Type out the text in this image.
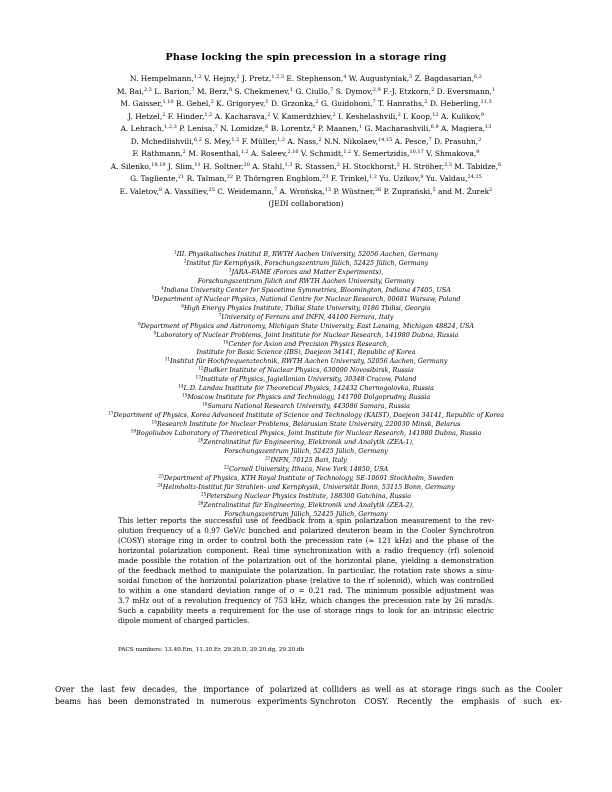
Phase locking the spin precession in a storage ring
N. Hempelmann,$^{1,2}$ V. Hejny,$^2$ J. Pretz,$^{1,2,3}$ E. Stephenson,$^4$ W. Augustyniak,$^5$ Z. Bagdasarian,$^{6,2}$
M. Bai,$^{2,3}$ L. Barion,$^7$ M. Berz,$^8$ S. Chekmenev,$^1$ G. Ciullo,$^7$ S. Dymov,$^{2,9}$ F.-J. Etzkorn,$^2$ D. Eversmann,$^1$
M. Gaisser,$^{1,10}$ R. Gebel,$^2$ K. Grigoryev,$^1$ D. Grzonka,$^2$ G. Guidoboni,$^7$ T. Hanraths,$^2$ D. Heberling,$^{11,3}$
J. Hetzel,$^2$ F. Hinder,$^{1,2}$ A. Kacharava,$^2$ V. Kamerdzhiev,$^2$ I. Keshelashvili,$^2$ I. Koop,$^{12}$ A. Kulikov,$^9$
A. Lehrach,$^{1,2,3}$ P. Lenisa,$^7$ N. Lomidze,$^6$ B. Lorentz,$^2$ P. Maanen,$^1$ G. Macharashvili,$^{6,9}$ A. Magiera,$^{13}$
D. Mchedlishvili,$^{6,2}$ S. Mey,$^{1,2}$ F. Müller,$^{1,2}$ A. Nass,$^2$ N.N. Nikolaev,$^{14,15}$ A. Pesce,$^7$ D. Prasuhn,$^2$
F. Rathmann,$^2$ M. Rosenthal,$^{1,2}$ A. Saleev,$^{2,16}$ V. Schmidt,$^{1,2}$ Y. Semertzidis,$^{10,17}$ V. Shmakova,$^9$
A. Silenko,$^{18,19}$ J. Slim,$^{11}$ H. Soltner,$^{20}$ A. Stahl,$^{1,3}$ R. Stassen,$^2$ H. Stockhorst,$^2$ H. Ströher,$^{2,3}$ M. Tabidze,$^6$
G. Tagliente,$^{21}$ R. Talman,$^{22}$ P. Thörngren Engblom,$^{23}$ F. Trinkel,$^{1,2}$ Yu. Uzikov,$^9$ Yu. Valdau,$^{24,25}$
E. Valetov,$^8$ A. Vassiliev,$^{25}$ C. Weidemann,$^7$ A. Wrońska,$^{13}$ P. Wüstner,$^{26}$ P. Zuprański,$^5$ and M. Żurek$^2$
(JEDI collaboration)
$^1$III. Physikalisches Institut B, RWTH Aachen University, 52056 Aachen, Germany
$^2$Institut für Kernphysik, Forschungszentrum Jülich, 52425 Jülich, Germany
$^3$JARA–FAME (Forces and Matter Experiments),
Forschungszentrum Jülich and RWTH Aachen University, Germany
$^4$Indiana University Center for Spacetime Symmetries, Bloomington, Indiana 47405, USA
$^5$Department of Nuclear Physics, National Centre for Nuclear Research, 00681 Warsaw, Poland
$^6$High Energy Physics Institute, Tbilisi State University, 0186 Tbilisi, Georgia
$^7$University of Ferrara and INFN, 44100 Ferrara, Italy
$^8$Department of Physics and Astronomy, Michigan State University, East Lansing, Michigan 48824, USA
$^9$Laboratory of Nuclear Problems, Joint Institute for Nuclear Research, 141980 Dubna, Russia
$^{10}$Center for Axion and Precision Physics Research,
Institute for Basic Science (IBS), Daejeon 34141, Republic of Korea
$^{11}$Institut für Hochfrequenztechnik, RWTH Aachen University, 52056 Aachen, Germany
$^{12}$Budker Institute of Nuclear Physics, 630090 Novosibirsk, Russia
$^{13}$Institute of Physics, Jagiellonian University, 30348 Cracow, Poland
$^{14}$L.D. Landau Institute for Theoretical Physics, 142432 Chernogolovka, Russia
$^{15}$Moscow Institute for Physics and Technology, 141700 Dolgoprudny, Russia
$^{16}$Samara National Research University, 443086 Samara, Russia
$^{17}$Department of Physics, Korea Advanced Institute of Science and Technology (KAIST), Daejeon 34141, Republic of Korea
$^{18}$Research Institute for Nuclear Problems, Belarusian State University, 220030 Minsk, Belarus
$^{19}$Bogoliubov Laboratory of Theoretical Physics, Joint Institute for Nuclear Research, 141980 Dubna, Russia
$^{20}$Zentralinstitut für Engineering, Elektronik und Analytik (ZEA-1),
Forschungszentrum Jülich, 52425 Jülich, Germany
$^{21}$INFN, 70125 Bari, Italy
$^{22}$Cornell University, Ithaca, New York 14850, USA
$^{23}$Department of Physics, KTH Royal Institute of Technology, SE-10691 Stockholm, Sweden
$^{24}$Helmholtz-Institut für Strahlen- und Kernphysik, Universität Bonn, 53115 Bonn, Germany
$^{25}$Petersburg Nuclear Physics Institute, 188300 Gatchina, Russia
$^{26}$Zentralinstitut für Engineering, Elektronik und Analytik (ZEA-2),
Forschungszentrum Jülich, 52425 Jülich, Germany
This letter reports the successful use of feedback from a spin polarization measurement to the rev-
olution frequency of a 0.97 GeV/c bunched and polarized deuteron beam in the Cooler Synchrotron
(COSY) storage ring in order to control both the precession rate (≈ 121 kHz) and the phase of the
horizontal polarization component. Real time synchronization with a radio frequency (rf) solenoid
made possible the rotation of the polarization out of the horizontal plane, yielding a demonstration
of the feedback method to manipulate the polarization. In particular, the rotation rate shows a sinu-
soidal function of the horizontal polarization phase (relative to the rf solenoid), which was controlled
to within a one standard deviation range of σ = 0.21 rad. The minimum possible adjustment was
3.7 mHz out of a revolution frequency of 753 kHz, which changes the precession rate by 26 mrad/s.
Such a capability meets a requirement for the use of storage rings to look for an intrinsic electric
dipole moment of charged particles.
PACS numbers: 13.40.Em, 11.30.Er, 29.20.D, 29.20.dg, 29.20.db
Over the last few decades, the importance of polarized
beams has been demonstrated in numerous experiments
at colliders as well as at storage rings such as the Cooler
Synchroton COSY. Recently the emphasis of such ex-
